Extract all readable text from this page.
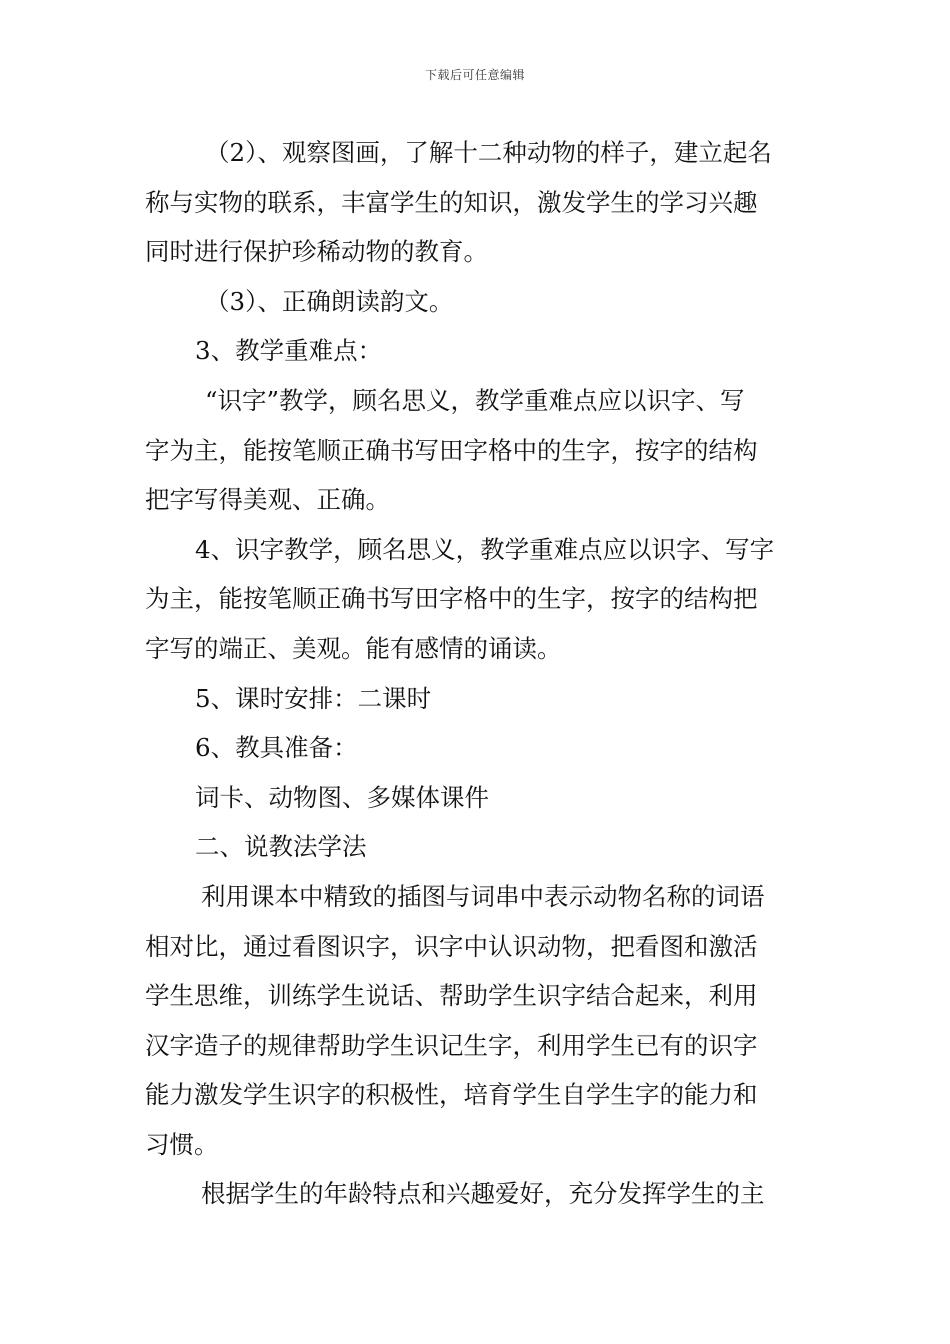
下载后可任意编辑
（2）、观察图画，了解十二种动物的样子，建立起名
称与实物的联系，丰富学生的知识，激发学生的学习兴趣
同时进行保护珍稀动物的教育。
（3）、正确朗读韵文。
3、教学重难点：
“识字”教学，顾名思义，教学重难点应以识字、写
字为主，能按笔顺正确书写田字格中的生字，按字的结构
把字写得美观、正确。
4、识字教学，顾名思义，教学重难点应以识字、写字
为主，能按笔顺正确书写田字格中的生字，按字的结构把
字写的端正、美观。能有感情的诵读。
5、课时安排：二课时
6、教具准备：
词卡、动物图、多媒体课件
二、说教法学法
利用课本中精致的插图与词串中表示动物名称的词语
相对比，通过看图识字，识字中认识动物，把看图和激活
学生思维，训练学生说话、帮助学生识字结合起来，利用
汉字造子的规律帮助学生识记生字，利用学生已有的识字
能力激发学生识字的积极性，培育学生自学生字的能力和
习惯。
根据学生的年龄特点和兴趣爱好，充分发挥学生的主
